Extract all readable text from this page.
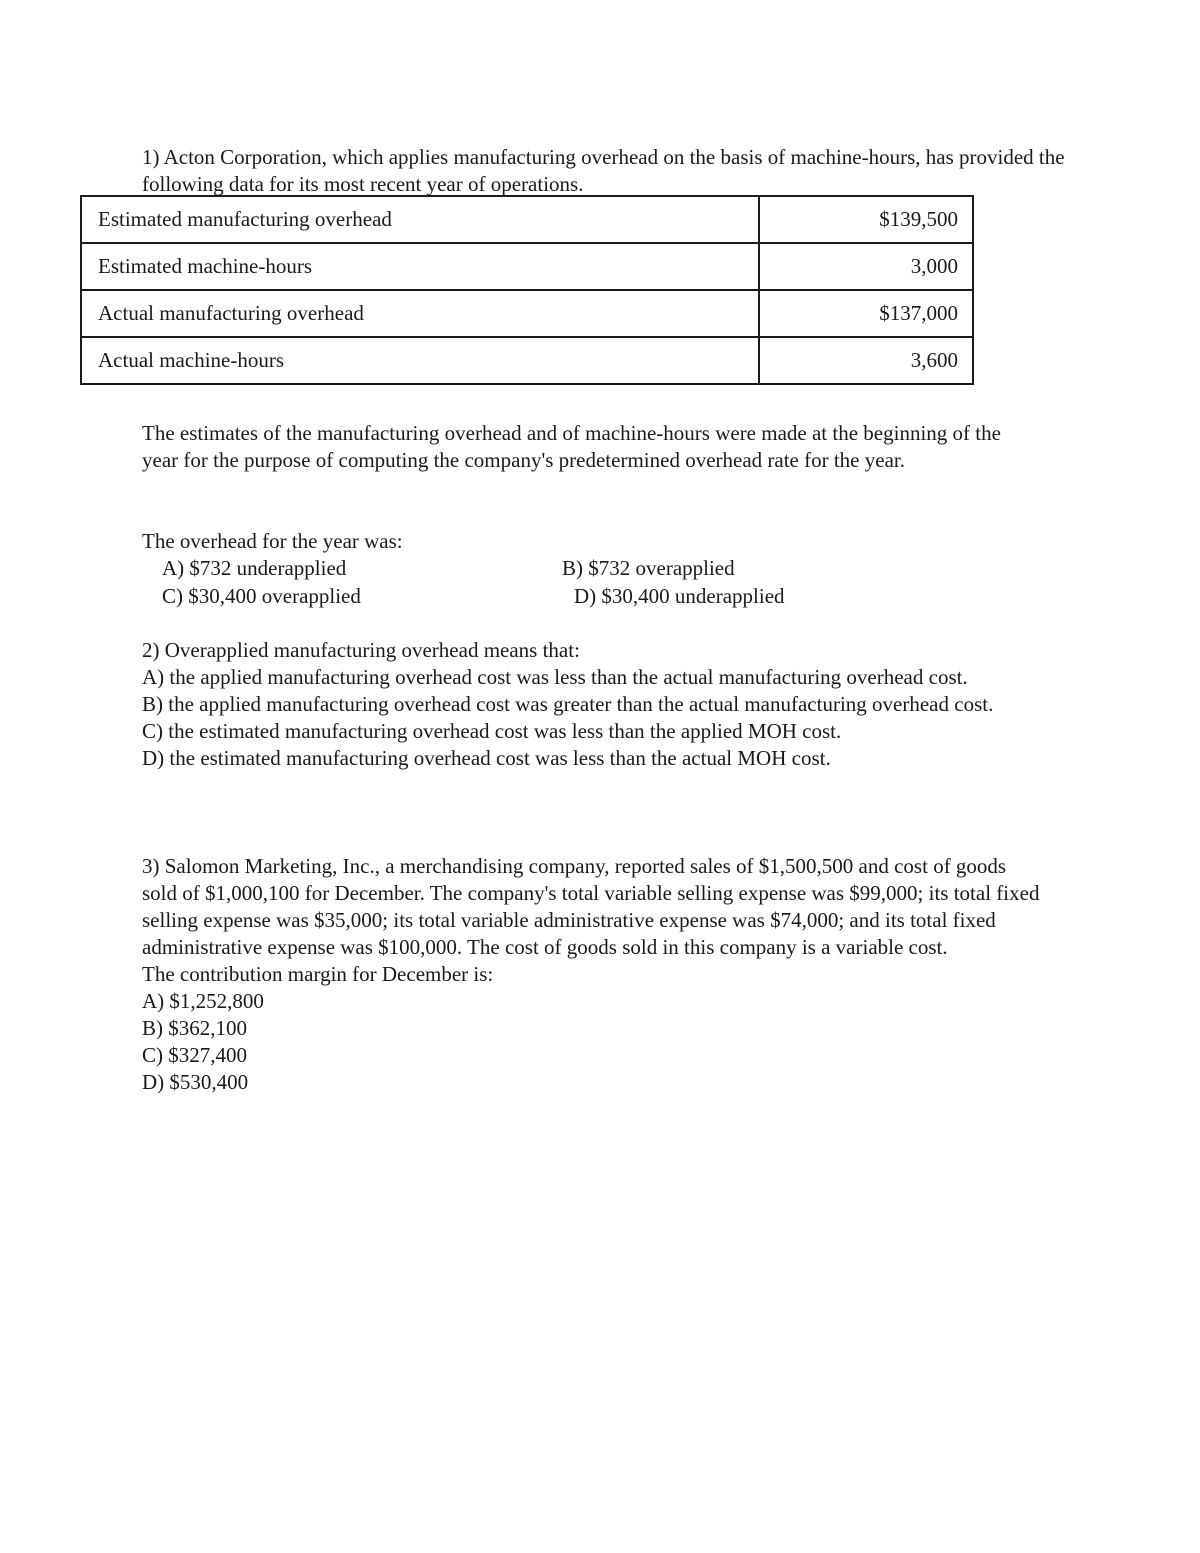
1) Acton Corporation, which applies manufacturing overhead on the basis of machine-hours, has provided the following data for its most recent year of operations.

Estimated manufacturing overhead	$139,500
Estimated machine-hours	3,000
Actual manufacturing overhead	$137,000
Actual machine-hours	3,600

The estimates of the manufacturing overhead and of machine-hours were made at the beginning of the year for the purpose of computing the company's predetermined overhead rate for the year.

The overhead for the year was:
A) $732 underapplied	B) $732 overapplied
C) $30,400 overapplied	D) $30,400 underapplied

2) Overapplied manufacturing overhead means that:

A) the applied manufacturing overhead cost was less than the actual manufacturing overhead cost.

B) the applied manufacturing overhead cost was greater than the actual manufacturing overhead cost.

C) the estimated manufacturing overhead cost was less than the applied MOH cost.

D) the estimated manufacturing overhead cost was less than the actual MOH cost.

3) Salomon Marketing, Inc., a merchandising company, reported sales of $1,500,500 and cost of goods sold of $1,000,100 for December. The company's total variable selling expense was $99,000; its total fixed selling expense was $35,000; its total variable administrative expense was $74,000; and its total fixed administrative expense was $100,000. The cost of goods sold in this company is a variable cost.

The contribution margin for December is:

A) $1,252,800

B) $362,100

C) $327,400

D) $530,400
